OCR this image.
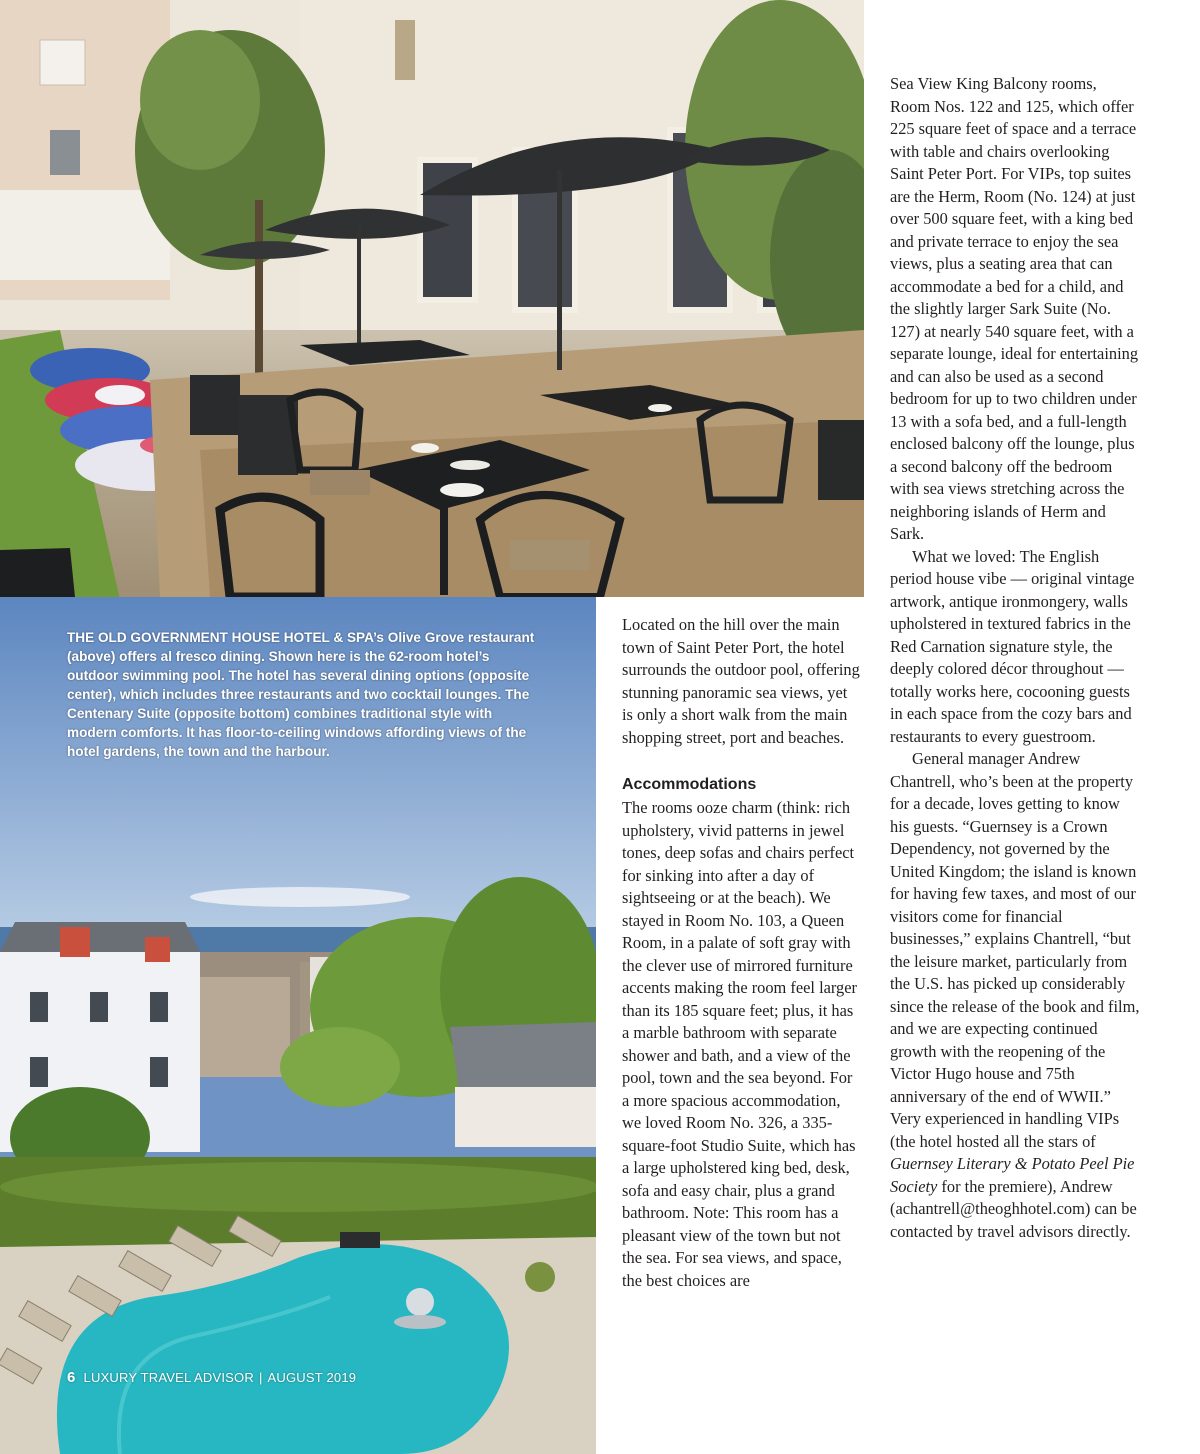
THE OLD GOVERNMENT HOUSE HOTEL & SPA’s Olive Grove restaurant (above) offers al fresco dining. Shown here is the 62-room hotel’s outdoor swimming pool. The hotel has several dining options (opposite center), which includes three restaurants and two cocktail lounges. The Centenary Suite (opposite bottom) combines traditional style with modern comforts. It has floor-to-ceiling windows affording views of the hotel gardens, the town and the harbour.

Located on the hill over the main town of Saint Peter Port, the hotel surrounds the outdoor pool, offering stunning panoramic sea views, yet is only a short walk from the main shopping street, port and beaches.

Accommodations

The rooms ooze charm (think: rich upholstery, vivid patterns in jewel tones, deep sofas and chairs perfect for sinking into after a day of sightseeing or at the beach). We stayed in Room No. 103, a Queen Room, in a palate of soft gray with the clever use of mirrored furniture accents making the room feel larger than its 185 square feet; plus, it has a marble bathroom with separate shower and bath, and a view of the pool, town and the sea beyond. For a more spacious accommodation, we loved Room No. 326, a 335-square-foot Studio Suite, which has a large upholstered king bed, desk, sofa and easy chair, plus a grand bathroom. Note: This room has a pleasant view of the town but not the sea. For sea views, and space, the best choices are

Sea View King Balcony rooms, Room Nos. 122 and 125, which offer 225 square feet of space and a terrace with table and chairs overlooking Saint Peter Port. For VIPs, top suites are the Herm, Room (No. 124) at just over 500 square feet, with a king bed and private terrace to enjoy the sea views, plus a seating area that can accommodate a bed for a child, and the slightly larger Sark Suite (No. 127) at nearly 540 square feet, with a separate lounge, ideal for entertaining and can also be used as a second bedroom for up to two children under 13 with a sofa bed, and a full-length enclosed balcony off the lounge, plus a second balcony off the bedroom with sea views stretching across the neighboring islands of Herm and Sark.

What we loved: The English period house vibe — original vintage artwork, antique ironmongery, walls upholstered in textured fabrics in the Red Carnation signature style, the deeply colored décor throughout — totally works here, cocooning guests in each space from the cozy bars and restaurants to every guestroom.

General manager Andrew Chantrell, who’s been at the property for a decade, loves getting to know his guests. “Guernsey is a Crown Dependency, not governed by the United Kingdom; the island is known for having few taxes, and most of our visitors come for financial businesses,” explains Chantrell, “but the leisure market, particularly from the U.S. has picked up considerably since the release of the book and film, and we are expecting continued growth with the reopening of the Victor Hugo house and 75th anniversary of the end of WWII.” Very experienced in handling VIPs (the hotel hosted all the stars of Guernsey Literary & Potato Peel Pie Society for the premiere), Andrew (achantrell@theoghhotel.com) can be contacted by travel advisors directly.

6 LUXURY TRAVEL ADVISOR | AUGUST 2019
